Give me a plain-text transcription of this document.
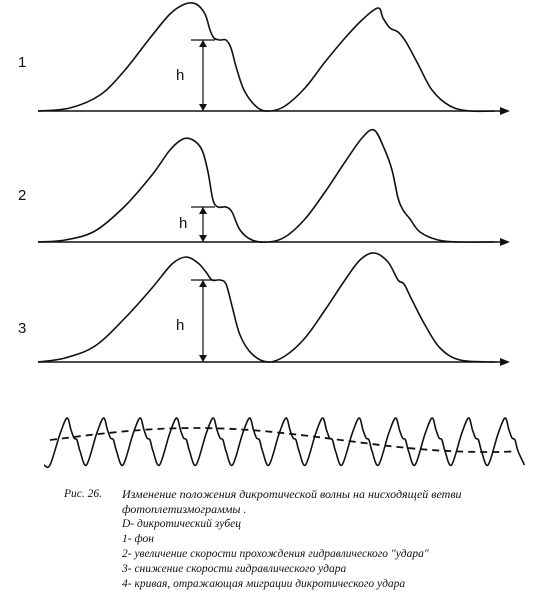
1
h
2
h
3	h
Рис. 26.	Изменение положения дикротической волны на нисходящей ветви фотоплетизмограммы .
D- дикротический зубец
1- фон
2- увеличение скорости прохождения гидравлического "удара"
3- снижение скорости гидравлического удара
4- кривая, отражающая миграции дикротического удара
